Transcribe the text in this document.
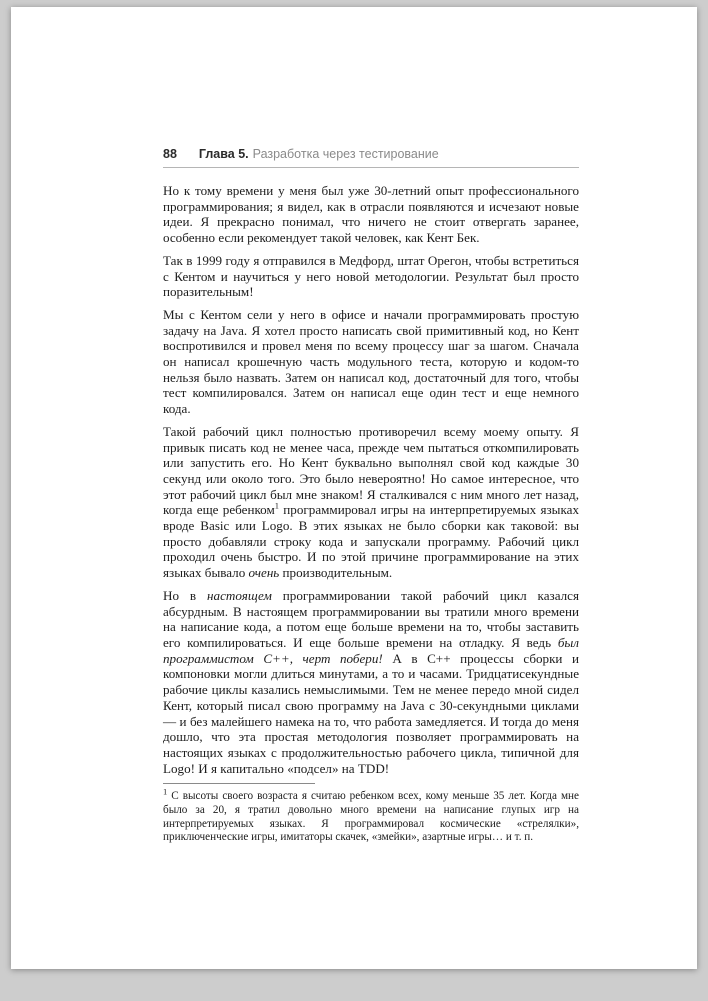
88 Глава 5. Разработка через тестирование

Но к тому времени у меня был уже 30-летний опыт профессионального программирования; я видел, как в отрасли появляются и исчезают новые идеи. Я прекрасно понимал, что ничего не стоит отвергать заранее, особенно если рекомендует такой человек, как Кент Бек.

Так в 1999 году я отправился в Медфорд, штат Орегон, чтобы встретиться с Кентом и научиться у него новой методологии. Результат был просто поразительным!

Мы с Кентом сели у него в офисе и начали программировать простую задачу на Java. Я хотел просто написать свой примитивный код, но Кент воспротивился и провел меня по всему процессу шаг за шагом. Сначала он написал крошечную часть модульного теста, которую и кодом-то нельзя было назвать. Затем он написал код, достаточный для того, чтобы тест компилировался. Затем он написал еще один тест и еще немного кода.

Такой рабочий цикл полностью противоречил всему моему опыту. Я привык писать код не менее часа, прежде чем пытаться откомпилировать или запустить его. Но Кент буквально выполнял свой код каждые 30 секунд или около того. Это было невероятно! Но самое интересное, что этот рабочий цикл был мне знаком! Я сталкивался с ним много лет назад, когда еще ребенком$^1$ программировал игры на интерпретируемых языках вроде Basic или Logo. В этих языках не было сборки как таковой: вы просто добавляли строку кода и запускали программу. Рабочий цикл проходил очень быстро. И по этой причине программирование на этих языках бывало очень производительным.

Но в настоящем программировании такой рабочий цикл казался абсурдным. В настоящем программировании вы тратили много времени на написание кода, а потом еще больше времени на то, чтобы заставить его компилироваться. И еще больше времени на отладку. Я ведь был программистом C++, черт побери! А в C++ процессы сборки и компоновки могли длиться минутами, а то и часами. Тридцатисекундные рабочие циклы казались немыслимыми. Тем не менее передо мной сидел Кент, который писал свою программу на Java с 30-секундными циклами — и без малейшего намека на то, что работа замедляется. И тогда до меня дошло, что эта простая методология позволяет программировать на настоящих языках с продолжительностью рабочего цикла, типичной для Logo! И я капитально «подсел» на TDD!

$^1$ С высоты своего возраста я считаю ребенком всех, кому меньше 35 лет. Когда мне было за 20, я тратил довольно много времени на написание глупых игр на интерпретируемых языках. Я программировал космические «стрелялки», приключенческие игры, имитаторы скачек, «змейки», азартные игры… и т. п.
